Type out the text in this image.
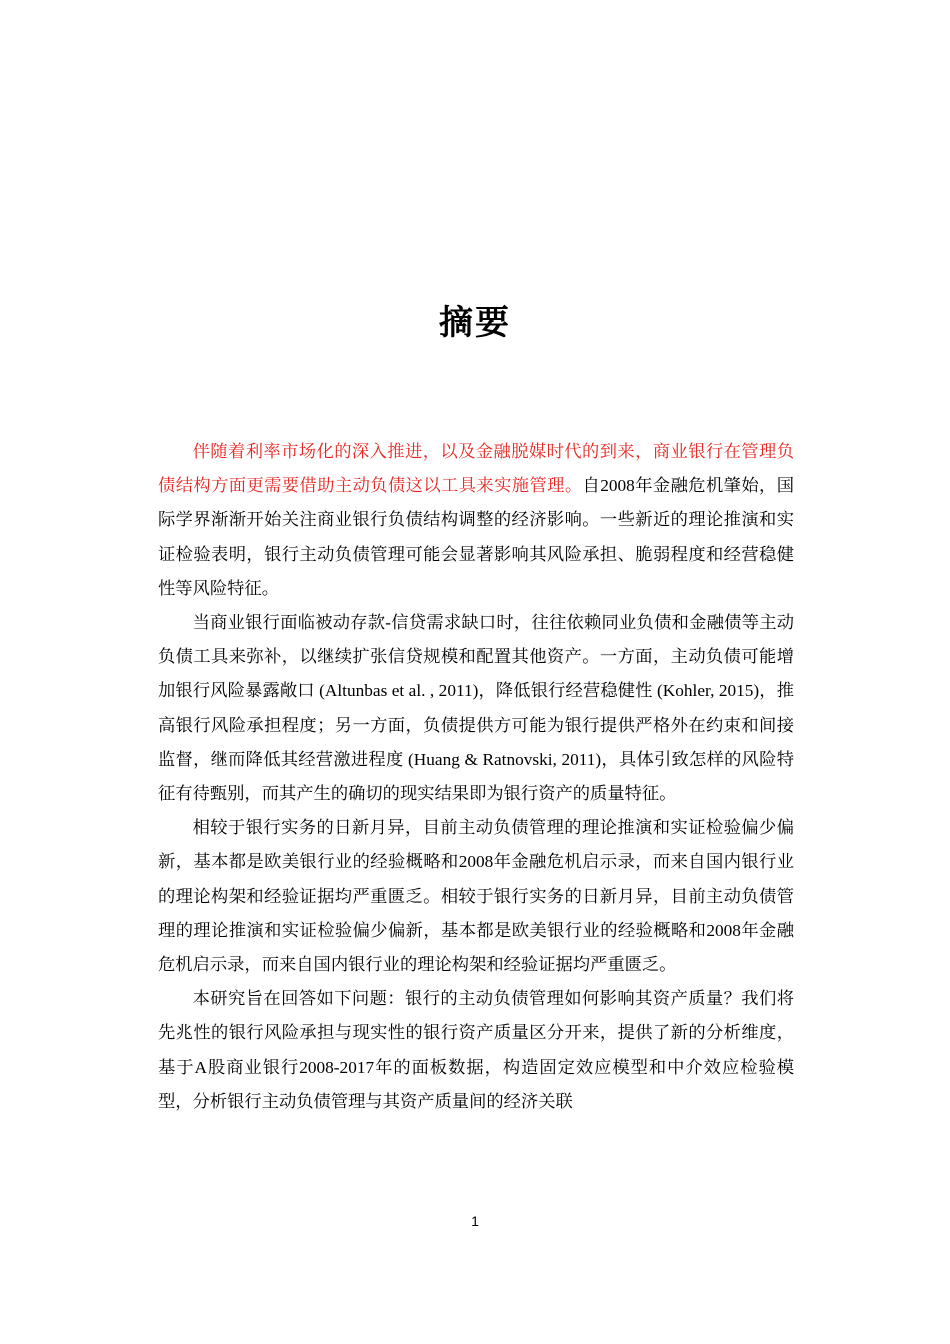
摘要

伴随着利率市场化的深入推进，以及金融脱媒时代的到来，商业银行在管理负债结构方面更需要借助主动负债这以工具来实施管理。自2008年金融危机肇始，国际学界渐渐开始关注商业银行负债结构调整的经济影响。一些新近的理论推演和实证检验表明，银行主动负债管理可能会显著影响其风险承担、脆弱程度和经营稳健性等风险特征。

当商业银行面临被动存款-信贷需求缺口时，往往依赖同业负债和金融债等主动负债工具来弥补，以继续扩张信贷规模和配置其他资产。一方面，主动负债可能增加银行风险暴露敞口 (Altunbas et al. , 2011)，降低银行经营稳健性 (Kohler, 2015)，推高银行风险承担程度；另一方面，负债提供方可能为银行提供严格外在约束和间接监督，继而降低其经营激进程度 (Huang & Ratnovski, 2011)，具体引致怎样的风险特征有待甄别，而其产生的确切的现实结果即为银行资产的质量特征。

相较于银行实务的日新月异，目前主动负债管理的理论推演和实证检验偏少偏新，基本都是欧美银行业的经验概略和2008年金融危机启示录，而来自国内银行业的理论构架和经验证据均严重匮乏。相较于银行实务的日新月异，目前主动负债管理的理论推演和实证检验偏少偏新，基本都是欧美银行业的经验概略和2008年金融危机启示录，而来自国内银行业的理论构架和经验证据均严重匮乏。

本研究旨在回答如下问题：银行的主动负债管理如何影响其资产质量？我们将先兆性的银行风险承担与现实性的银行资产质量区分开来，提供了新的分析维度，基于A股商业银行2008-2017年的面板数据，构造固定效应模型和中介效应检验模型，分析银行主动负债管理与其资产质量间的经济关联

1
